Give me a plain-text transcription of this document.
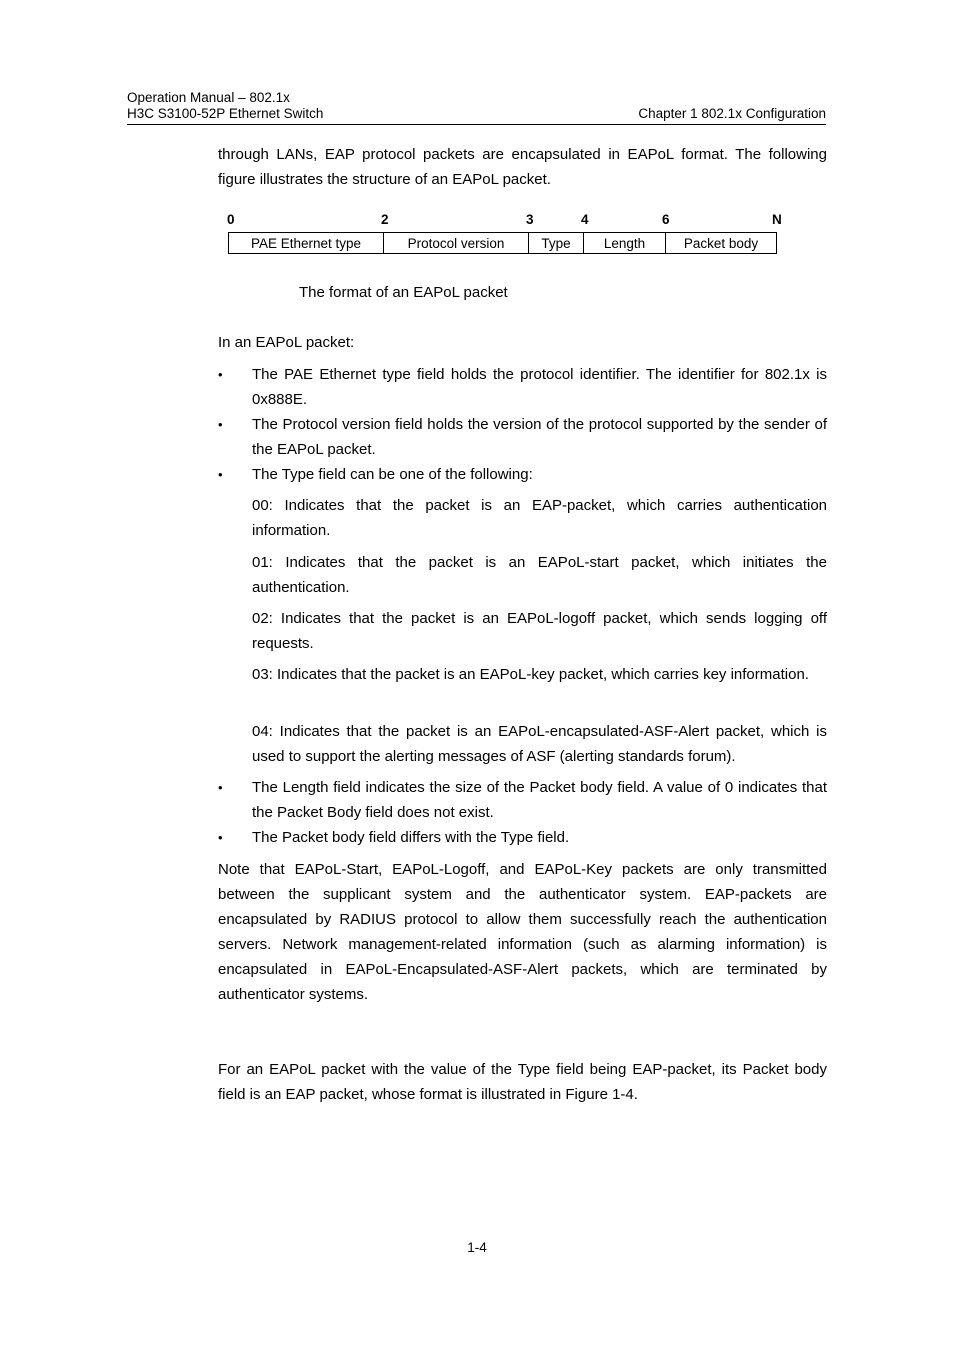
Operation Manual – 802.1x
H3C S3100-52P Ethernet Switch	Chapter 1 802.1x Configuration

through LANs, EAP protocol packets are encapsulated in EAPoL format. The following figure illustrates the structure of an EAPoL packet.

0	2	3	4	6	N
PAE Ethernet type	Protocol version	Type	Length	Packet body
The format of an EAPoL packet

In an EAPoL packet:

•	The PAE Ethernet type field holds the protocol identifier. The identifier for 802.1x is 0x888E.
•	The Protocol version field holds the version of the protocol supported by the sender of the EAPoL packet.
•	The Type field can be one of the following:
00: Indicates that the packet is an EAP-packet, which carries authentication information.
01: Indicates that the packet is an EAPoL-start packet, which initiates the authentication.
02: Indicates that the packet is an EAPoL-logoff packet, which sends logging off requests.
03: Indicates that the packet is an EAPoL-key packet, which carries key information.
04: Indicates that the packet is an EAPoL-encapsulated-ASF-Alert packet, which is used to support the alerting messages of ASF (alerting standards forum).
•	The Length field indicates the size of the Packet body field. A value of 0 indicates that the Packet Body field does not exist.
•	The Packet body field differs with the Type field.

Note that EAPoL-Start, EAPoL-Logoff, and EAPoL-Key packets are only transmitted between the supplicant system and the authenticator system. EAP-packets are encapsulated by RADIUS protocol to allow them successfully reach the authentication servers. Network management-related information (such as alarming information) is encapsulated in EAPoL-Encapsulated-ASF-Alert packets, which are terminated by authenticator systems.

For an EAPoL packet with the value of the Type field being EAP-packet, its Packet body field is an EAP packet, whose format is illustrated in Figure 1-4.

1-4
